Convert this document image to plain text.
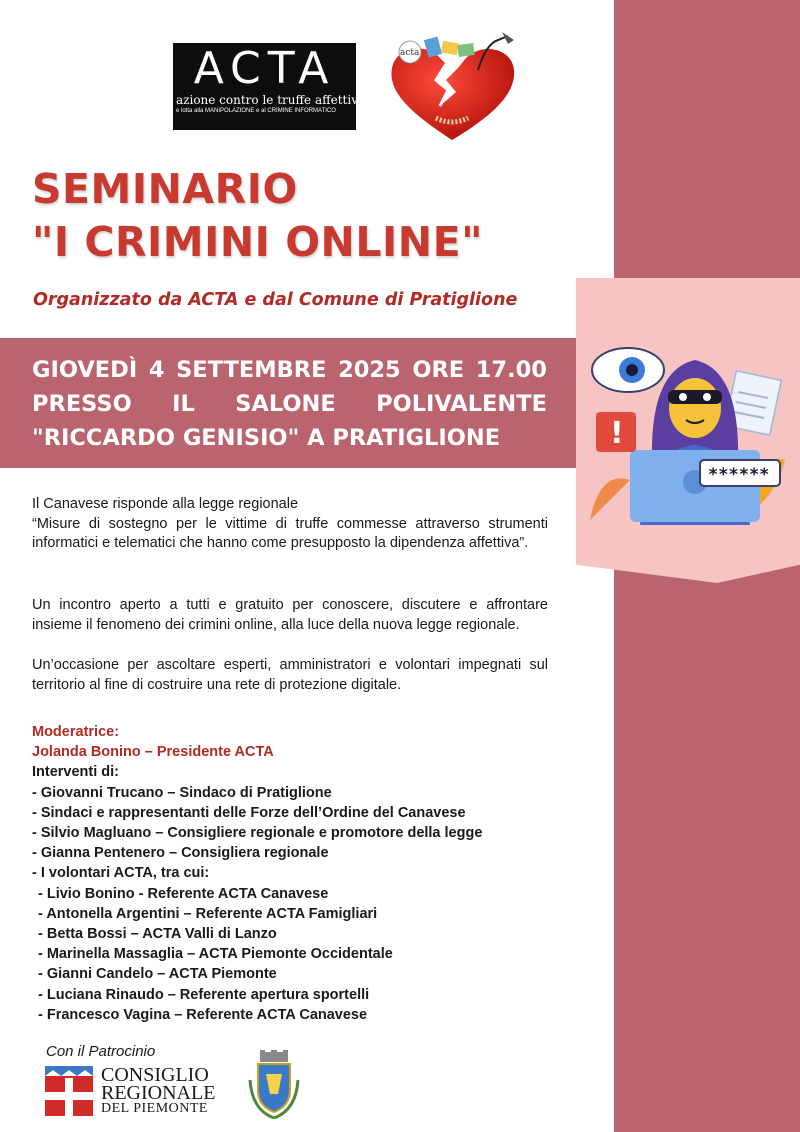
ACTA
azione contro le truffe affettive
e lotta alla MANIPOLAZIONE e al CRIMINE INFORMATICO
acta
SEMINARIO
"I CRIMINI ONLINE"
Organizzato da ACTA e dal Comune di Pratiglione
GIOVEDÌ 4 SETTEMBRE 2025 ORE 17.00
PRESSO IL SALONE POLIVALENTE
"RICCARDO GENISIO" A PRATIGLIONE	!
******
Il Canavese risponde alla legge regionale

“Misure di sostegno per le vittime di truffe commesse attraverso strumenti informatici e telematici che hanno come presupposto la dipendenza affettiva”.

Un incontro aperto a tutti e gratuito per conoscere, discutere e affrontare insieme il fenomeno dei crimini online, alla luce della nuova legge regionale.

Un’occasione per ascoltare esperti, amministratori e volontari impegnati sul territorio al fine di costruire una rete di protezione digitale.

Moderatrice:
Jolanda Bonino – Presidente ACTA
Interventi di:
- Giovanni Trucano – Sindaco di Pratiglione
- Sindaci e rappresentanti delle Forze dell’Ordine del Canavese
- Silvio Magluano – Consigliere regionale e promotore della legge
- Gianna Pentenero – Consigliera regionale
- I volontari ACTA, tra cui:
- Livio Bonino - Referente ACTA Canavese
- Antonella Argentini – Referente ACTA Famigliari
- Betta Bossi – ACTA Valli di Lanzo
- Marinella Massaglia – ACTA Piemonte Occidentale
- Gianni Candelo – ACTA Piemonte
- Luciana Rinaudo – Referente apertura sportelli
- Francesco Vagina – Referente ACTA Canavese
Con il Patrocinio
CONSIGLIO
REGIONALE
DEL PIEMONTE
